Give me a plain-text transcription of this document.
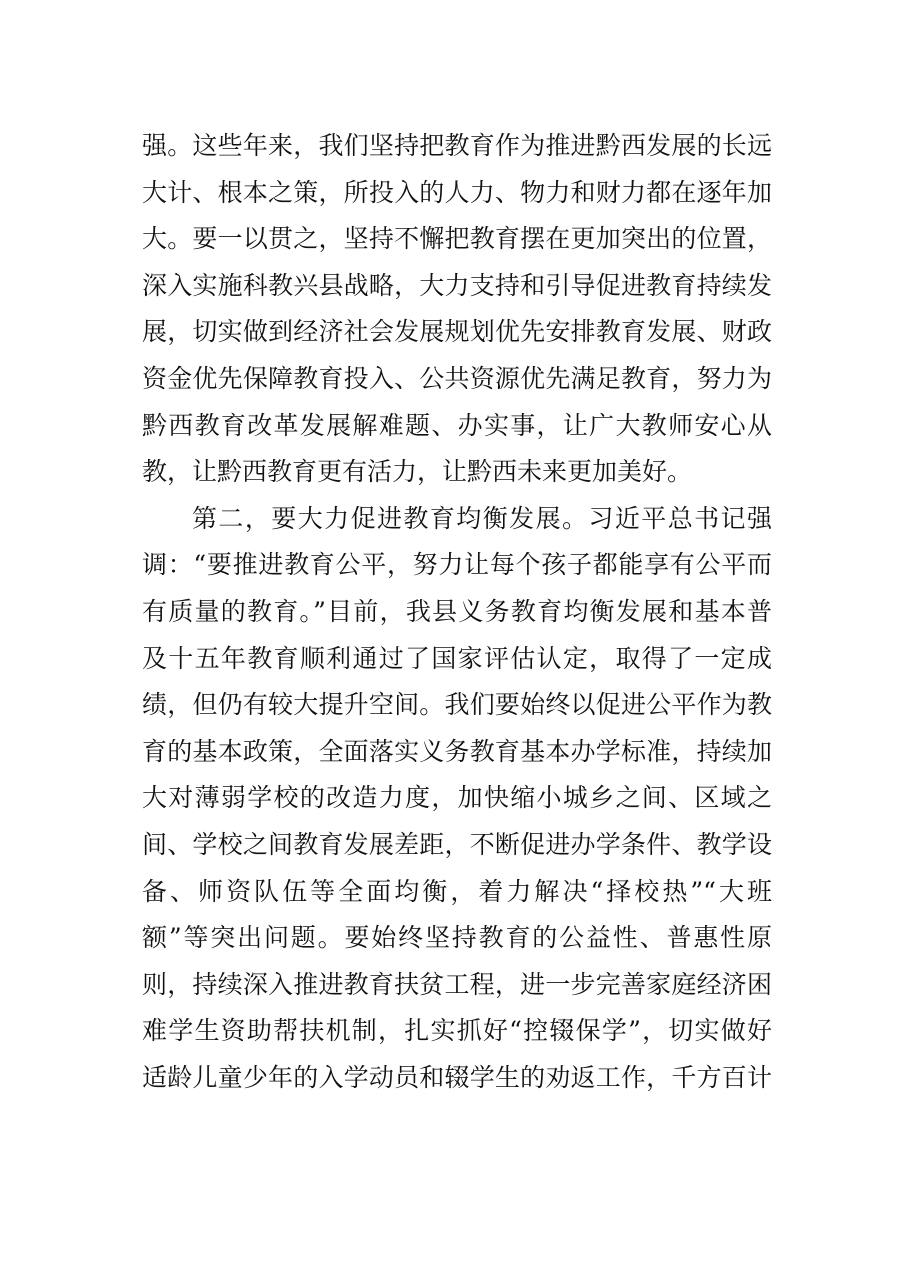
强。这些年来，我们坚持把教育作为推进黔西发展的长远
大计、根本之策，所投入的人力、物力和财力都在逐年加
大。要一以贯之，坚持不懈把教育摆在更加突出的位置，
深入实施科教兴县战略，大力支持和引导促进教育持续发
展，切实做到经济社会发展规划优先安排教育发展、财政
资金优先保障教育投入、公共资源优先满足教育，努力为
黔西教育改革发展解难题、办实事，让广大教师安心从
教，让黔西教育更有活力，让黔西未来更加美好。
第二，要大力促进教育均衡发展。习近平总书记强
调：“要推进教育公平，努力让每个孩子都能享有公平而
有质量的教育。”目前，我县义务教育均衡发展和基本普
及十五年教育顺利通过了国家评估认定，取得了一定成
绩，但仍有较大提升空间。我们要始终以促进公平作为教
育的基本政策，全面落实义务教育基本办学标准，持续加
大对薄弱学校的改造力度，加快缩小城乡之间、区域之
间、学校之间教育发展差距，不断促进办学条件、教学设
备、师资队伍等全面均衡，着力解决“择校热”“大班
额”等突出问题。要始终坚持教育的公益性、普惠性原
则，持续深入推进教育扶贫工程，进一步完善家庭经济困
难学生资助帮扶机制，扎实抓好“控辍保学”，切实做好
适龄儿童少年的入学动员和辍学生的劝返工作，千方百计
